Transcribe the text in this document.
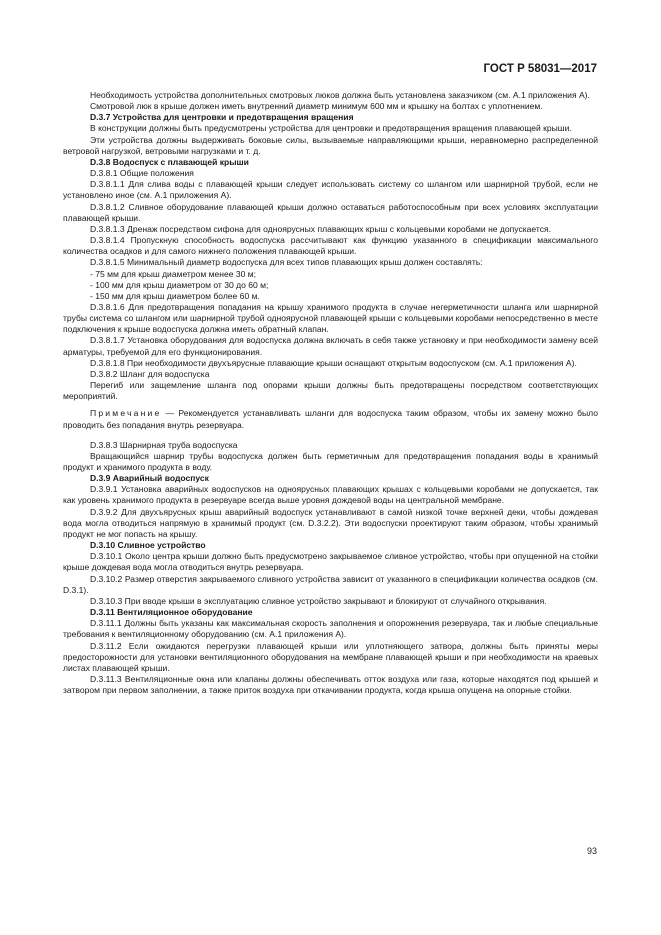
ГОСТ Р 58031—2017

Необходимость устройства дополнительных смотровых люков должна быть установлена заказчиком (см. А.1 приложения А).

Смотровой люк в крыше должен иметь внутренний диаметр минимум 600 мм и крышку на болтах с уплотнением.

D.3.7 Устройства для центровки и предотвращения вращения

В конструкции должны быть предусмотрены устройства для центровки и предотвращения вращения плавающей крыши.

Эти устройства должны выдерживать боковые силы, вызываемые направляющими крыши, неравномерно распределенной ветровой нагрузкой, ветровыми нагрузками и т. д.

D.3.8 Водоспуск с плавающей крыши

D.3.8.1 Общие положения

D.3.8.1.1 Для слива воды с плавающей крыши следует использовать систему со шлангом или шарнирной трубой, если не установлено иное (см. А.1 приложения А).

D.3.8.1.2 Сливное оборудование плавающей крыши должно оставаться работоспособным при всех условиях эксплуатации плавающей крыши.

D.3.8.1.3 Дренаж посредством сифона для одноярусных плавающих крыш с кольцевыми коробами не допускается.

D.3.8.1.4 Пропускную способность водоспуска рассчитывают как функцию указанного в спецификации максимального количества осадков и для самого нижнего положения плавающей крыши.

D.3.8.1.5 Минимальный диаметр водоспуска для всех типов плавающих крыш должен составлять:

- 75 мм для крыш диаметром менее 30 м;

- 100 мм для крыш диаметром от 30 до 60 м;

- 150 мм для крыш диаметром более 60 м.

D.3.8.1.6 Для предотвращения попадания на крышу хранимого продукта в случае негерметичности шланга или шарнирной трубы система со шлангом или шарнирной трубой одноярусной плавающей крыши с кольцевыми коробами непосредственно в месте подключения к крыше водоспуска должна иметь обратный клапан.

D.3.8.1.7 Установка оборудования для водоспуска должна включать в себя также установку и при необходимости замену всей арматуры, требуемой для его функционирования.

D.3.8.1.8 При необходимости двухъярусные плавающие крыши оснащают открытым водоспуском (см. А.1 приложения А).

D.3.8.2 Шланг для водоспуска

Перегиб или защемление шланга под опорами крыши должны быть предотвращены посредством соответствующих мероприятий.

Примечание — Рекомендуется устанавливать шланги для водоспуска таким образом, чтобы их замену можно было проводить без попадания внутрь резервуара.

D.3.8.3 Шарнирная труба водоспуска

Вращающийся шарнир трубы водоспуска должен быть герметичным для предотвращения попадания воды в хранимый продукт и хранимого продукта в воду.

D.3.9 Аварийный водоспуск

D.3.9.1 Установка аварийных водоспусков на одноярусных плавающих крышах с кольцевыми коробами не допускается, так как уровень хранимого продукта в резервуаре всегда выше уровня дождевой воды на центральной мембране.

D.3.9.2 Для двухъярусных крыш аварийный водоспуск устанавливают в самой низкой точке верхней деки, чтобы дождевая вода могла отводиться напрямую в хранимый продукт (см. D.3.2.2). Эти водоспуски проектируют таким образом, чтобы хранимый продукт не мог попасть на крышу.

D.3.10 Сливное устройство

D.3.10.1 Около центра крыши должно быть предусмотрено закрываемое сливное устройство, чтобы при опущенной на стойки крыше дождевая вода могла отводиться внутрь резервуара.

D.3.10.2 Размер отверстия закрываемого сливного устройства зависит от указанного в спецификации количества осадков (см. D.3.1).

D.3.10.3 При вводе крыши в эксплуатацию сливное устройство закрывают и блокируют от случайного открывания.

D.3.11 Вентиляционное оборудование

D.3.11.1 Должны быть указаны как максимальная скорость заполнения и опорожнения резервуара, так и любые специальные требования к вентиляционному оборудованию (см. А.1 приложения А).

D.3.11.2 Если ожидаются перегрузки плавающей крыши или уплотняющего затвора, должны быть приняты меры предосторожности для установки вентиляционного оборудования на мембране плавающей крыши и при необходимости на краевых листах плавающей крыши.

D.3.11.3 Вентиляционные окна или клапаны должны обеспечивать отток воздуха или газа, которые находятся под крышей и затвором при первом заполнении, а также приток воздуха при откачивании продукта, когда крыша опущена на опорные стойки.

93
